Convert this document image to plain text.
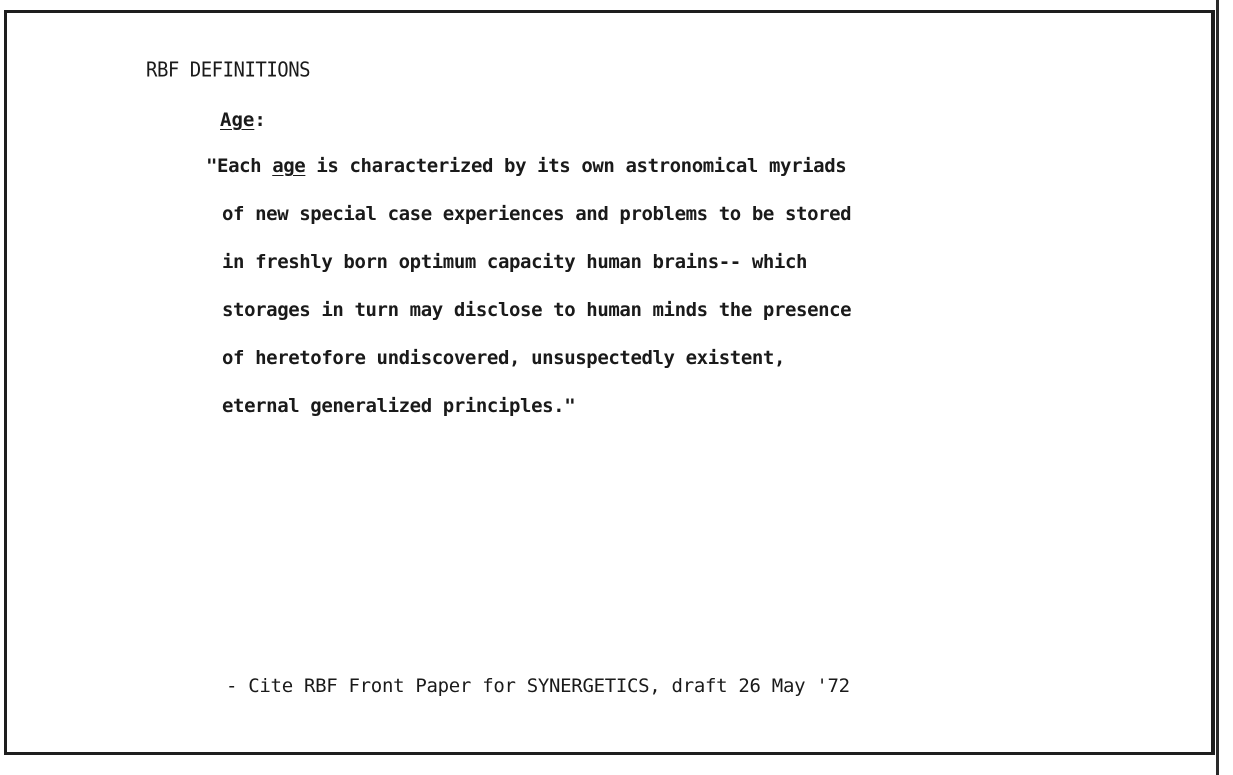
RBF DEFINITIONS
Age:
"Each age is characterized by its own astronomical myriads
of new special case experiences and problems to be stored
in freshly born optimum capacity human brains-- which
storages in turn may disclose to human minds the presence
of heretofore undiscovered, unsuspectedly existent,
eternal generalized principles."
- Cite RBF Front Paper for SYNERGETICS, draft 26 May '72
